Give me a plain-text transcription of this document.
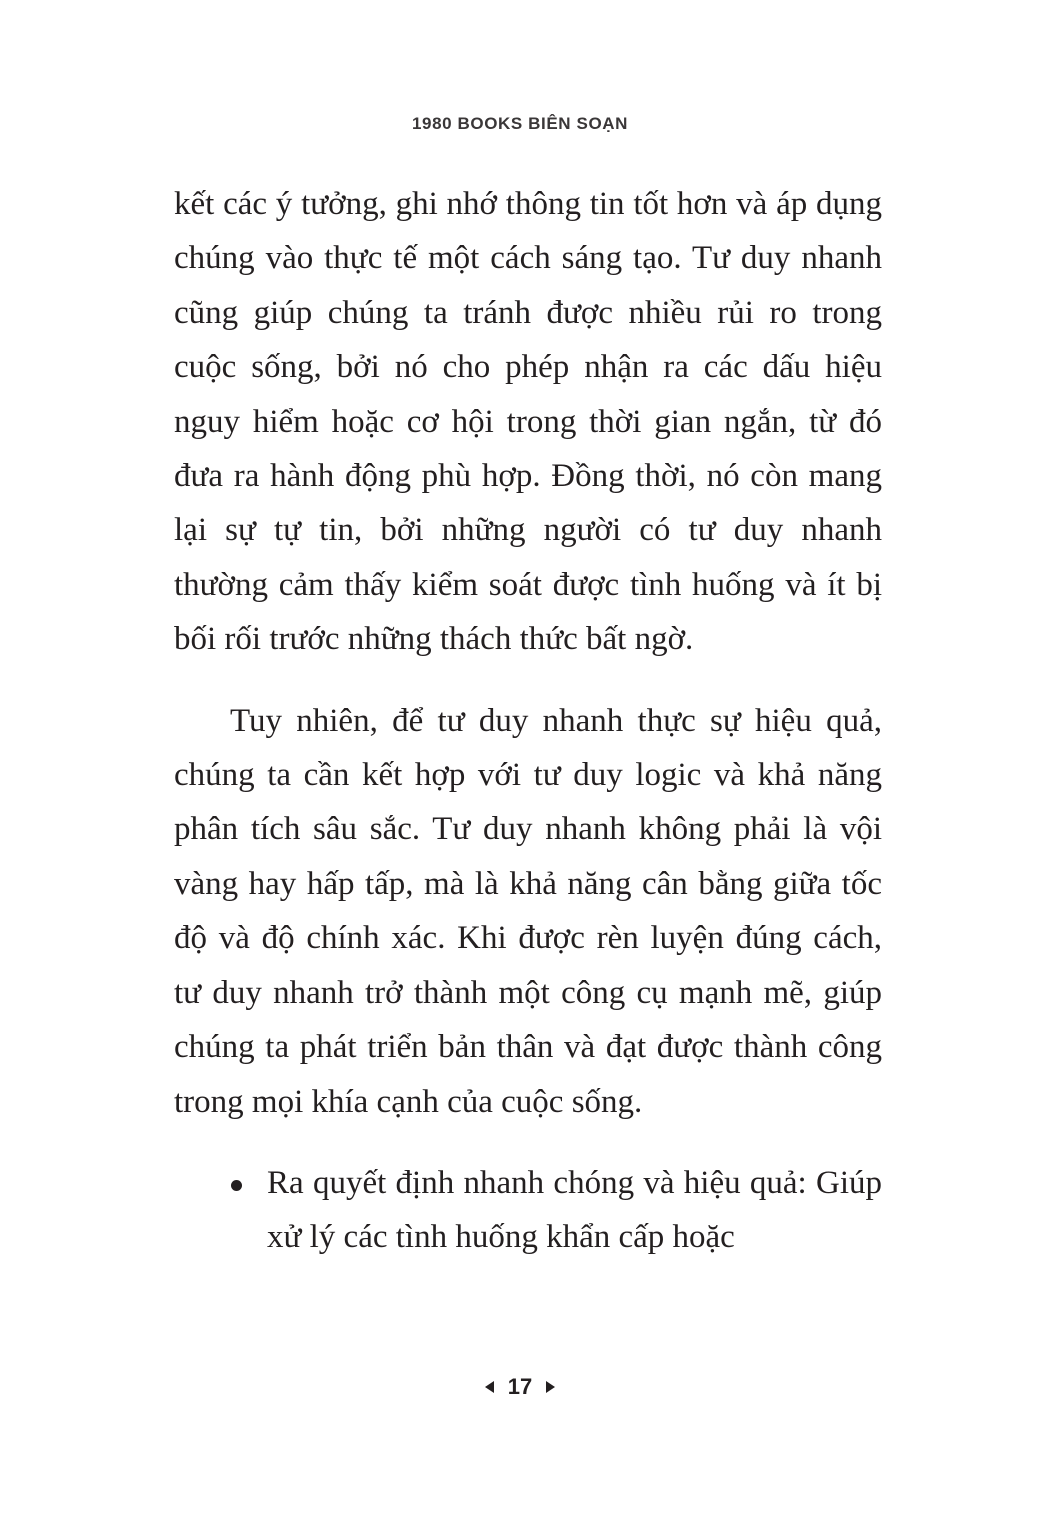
1980 BOOKS BIÊN SOẠN

kết các ý tưởng, ghi nhớ thông tin tốt hơn và áp dụng chúng vào thực tế một cách sáng tạo. Tư duy nhanh cũng giúp chúng ta tránh được nhiều rủi ro trong cuộc sống, bởi nó cho phép nhận ra các dấu hiệu nguy hiểm hoặc cơ hội trong thời gian ngắn, từ đó đưa ra hành động phù hợp. Đồng thời, nó còn mang lại sự tự tin, bởi những người có tư duy nhanh thường cảm thấy kiểm soát được tình huống và ít bị bối rối trước những thách thức bất ngờ.

Tuy nhiên, để tư duy nhanh thực sự hiệu quả, chúng ta cần kết hợp với tư duy logic và khả năng phân tích sâu sắc. Tư duy nhanh không phải là vội vàng hay hấp tấp, mà là khả năng cân bằng giữa tốc độ và độ chính xác. Khi được rèn luyện đúng cách, tư duy nhanh trở thành một công cụ mạnh mẽ, giúp chúng ta phát triển bản thân và đạt được thành công trong mọi khía cạnh của cuộc sống.

Ra quyết định nhanh chóng và hiệu quả: Giúp xử lý các tình huống khẩn cấp hoặc
17
